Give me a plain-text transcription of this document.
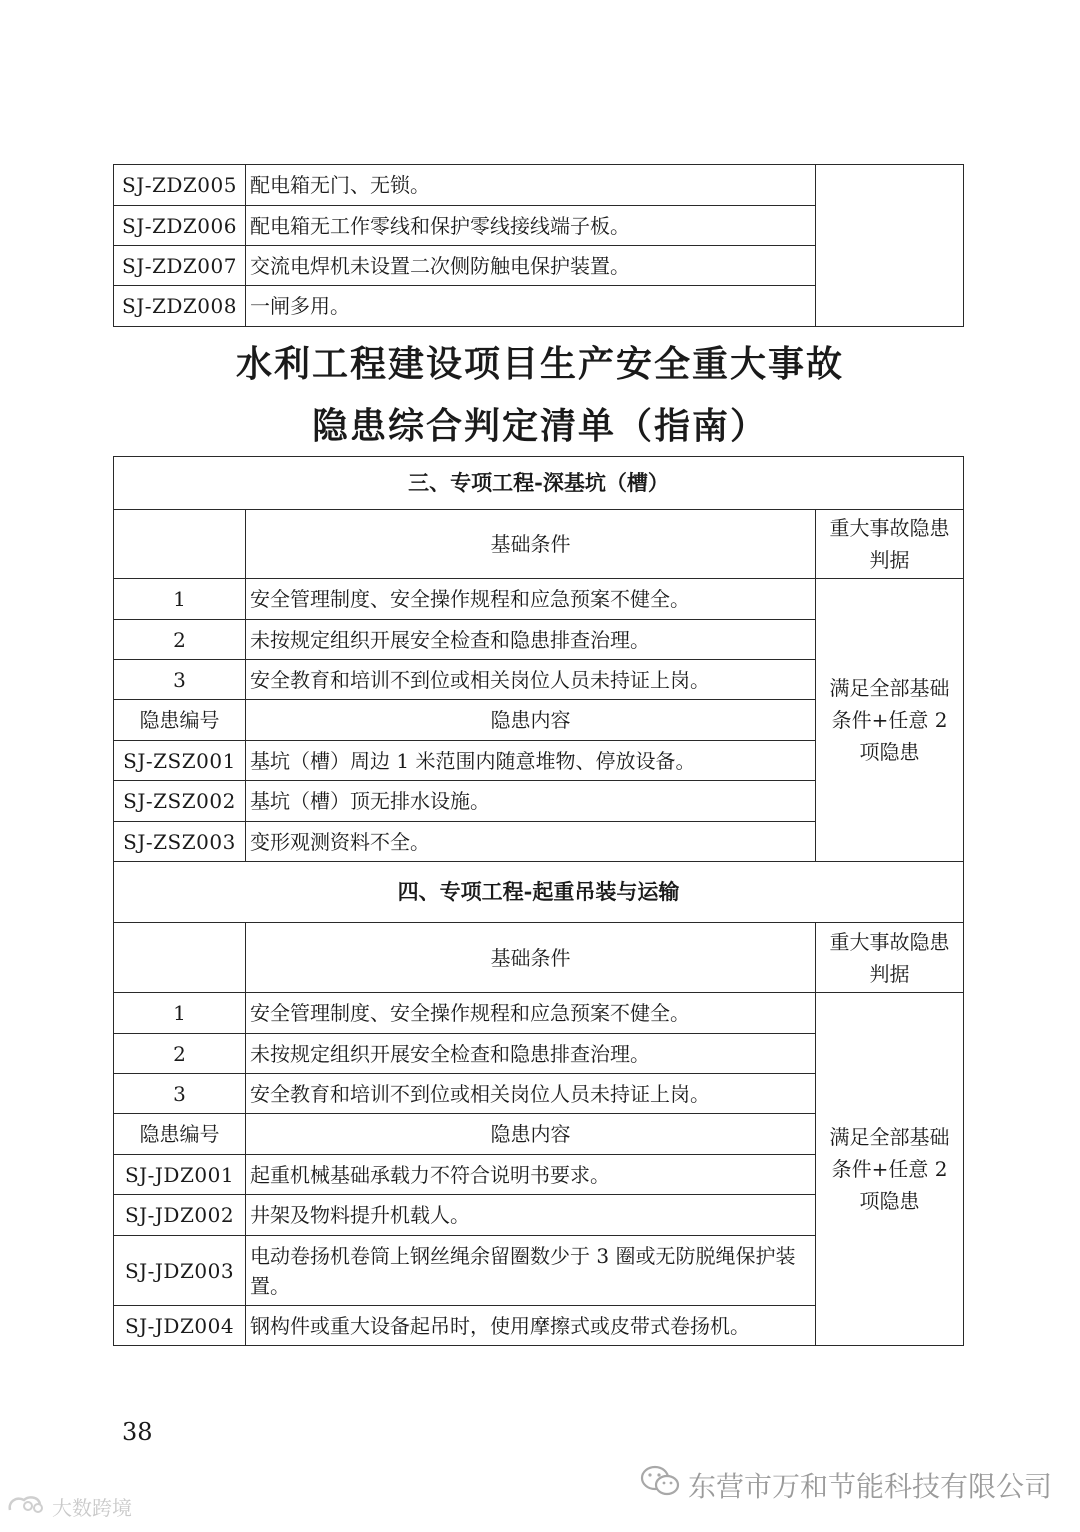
SJ-ZDZ005	配电箱无门、无锁。	
SJ-ZDZ006	配电箱无工作零线和保护零线接线端子板。	
SJ-ZDZ007	交流电焊机未设置二次侧防触电保护装置。	
SJ-ZDZ008	一闸多用。	
水利工程建设项目生产安全重大事故
隐患综合判定清单（指南）
三、专项工程-深基坑（槽）		
	基础条件	重大事故隐患判据
1	安全管理制度、安全操作规程和应急预案不健全。	满足全部基础条件+任意 2 项隐患
2	未按规定组织开展安全检查和隐患排查治理。	
3	安全教育和培训不到位或相关岗位人员未持证上岗。	
隐患编号	隐患内容	
SJ-ZSZ001	基坑（槽）周边 1 米范围内随意堆物、停放设备。	
SJ-ZSZ002	基坑（槽）顶无排水设施。	
SJ-ZSZ003	变形观测资料不全。	
四、专项工程-起重吊装与运输		
	基础条件	重大事故隐患判据
1	安全管理制度、安全操作规程和应急预案不健全。	满足全部基础条件+任意 2 项隐患
2	未按规定组织开展安全检查和隐患排查治理。	
3	安全教育和培训不到位或相关岗位人员未持证上岗。	
隐患编号	隐患内容	
SJ-JDZ001	起重机械基础承载力不符合说明书要求。	
SJ-JDZ002	井架及物料提升机载人。	
SJ-JDZ003	电动卷扬机卷筒上钢丝绳余留圈数少于 3 圈或无防脱绳保护装置。	
SJ-JDZ004	钢构件或重大设备起吊时，使用摩擦式或皮带式卷扬机。	
38
大数跨境
东营市万和节能科技有限公司
